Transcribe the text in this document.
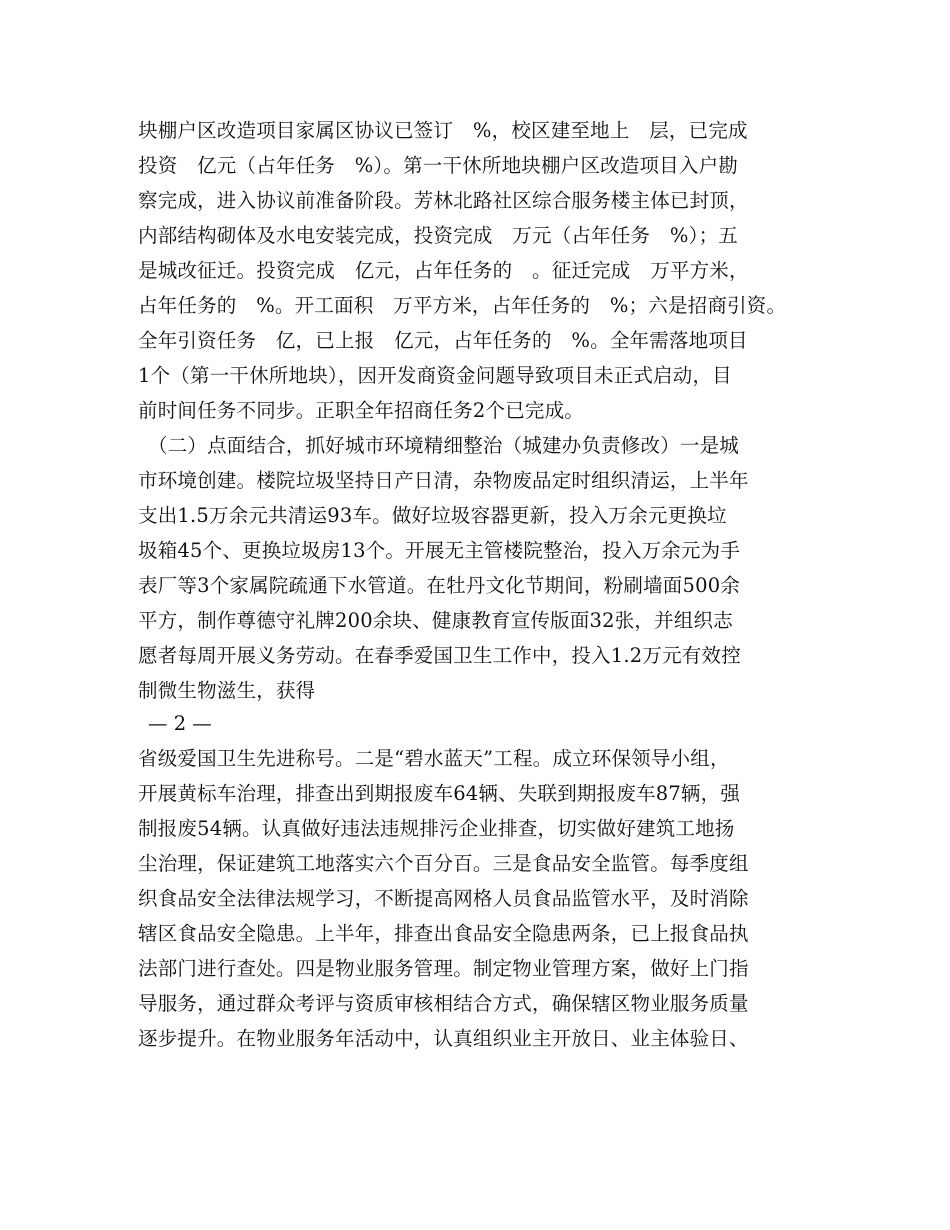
块棚户区改造项目家属区协议已签订　%，校区建至地上　层，已完成
投资　亿元（占年任务　%）。第一干休所地块棚户区改造项目入户勘
察完成，进入协议前准备阶段。芳林北路社区综合服务楼主体已封顶，
内部结构砌体及水电安装完成，投资完成　万元（占年任务　%）；五
是城改征迁。投资完成　亿元，占年任务的　。征迁完成　万平方米，
占年任务的　%。开工面积　万平方米，占年任务的　%；六是招商引资。
全年引资任务　亿，已上报　亿元，占年任务的　%。全年需落地项目
1个（第一干休所地块），因开发商资金问题导致项目未正式启动，目
前时间任务不同步。正职全年招商任务2个已完成。
（二）点面结合，抓好城市环境精细整治（城建办负责修改）一是城
市环境创建。楼院垃圾坚持日产日清，杂物废品定时组织清运，上半年
支出1.5万余元共清运93车。做好垃圾容器更新，投入万余元更换垃
圾箱45个、更换垃圾房13个。开展无主管楼院整治，投入万余元为手
表厂等3个家属院疏通下水管道。在牡丹文化节期间，粉刷墙面500余
平方，制作尊德守礼牌200余块、健康教育宣传版面32张，并组织志
愿者每周开展义务劳动。在春季爱国卫生工作中，投入1.2万元有效控
制微生物滋生，获得
— 2 —
省级爱国卫生先进称号。二是“碧水蓝天”工程。成立环保领导小组，
开展黄标车治理，排查出到期报废车64辆、失联到期报废车87辆，强
制报废54辆。认真做好违法违规排污企业排查，切实做好建筑工地扬
尘治理，保证建筑工地落实六个百分百。三是食品安全监管。每季度组
织食品安全法律法规学习，不断提高网格人员食品监管水平，及时消除
辖区食品安全隐患。上半年，排查出食品安全隐患两条，已上报食品执
法部门进行查处。四是物业服务管理。制定物业管理方案，做好上门指
导服务，通过群众考评与资质审核相结合方式，确保辖区物业服务质量
逐步提升。在物业服务年活动中，认真组织业主开放日、业主体验日、
